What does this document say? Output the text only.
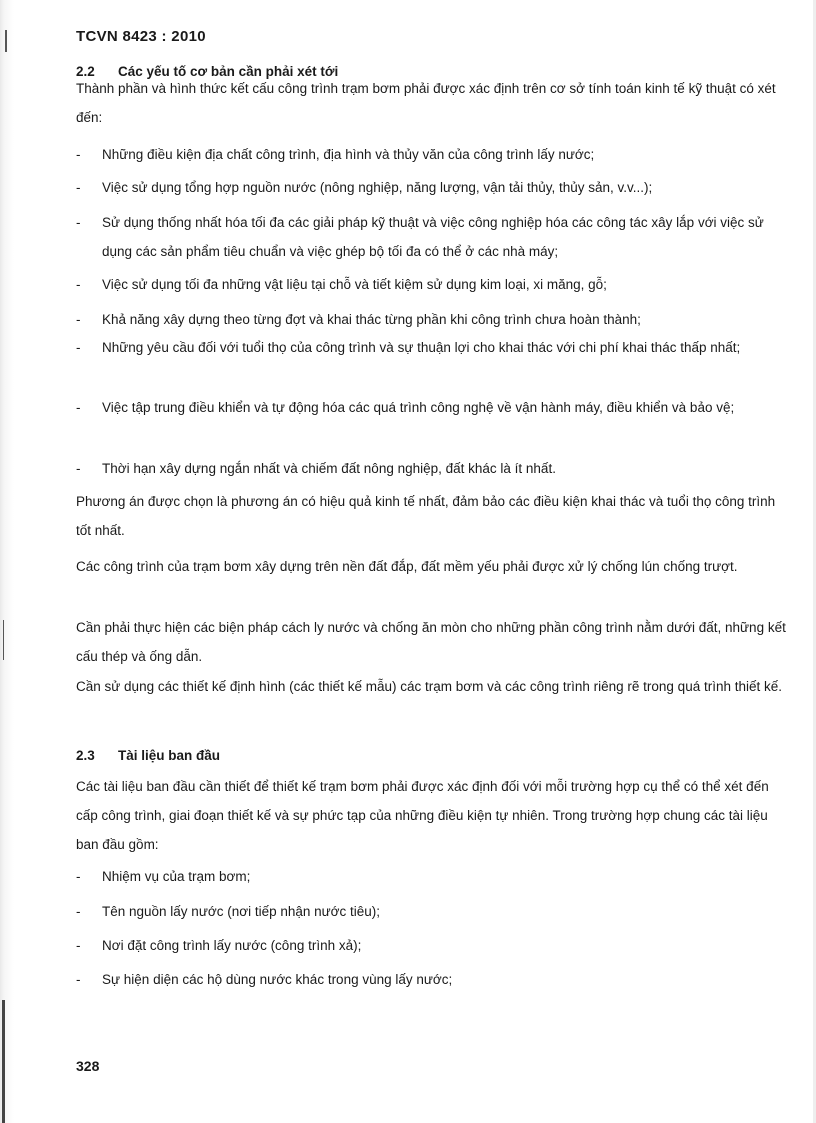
TCVN 8423 : 2010
2.2 Các yếu tố cơ bản cần phải xét tới

Thành phần và hình thức kết cấu công trình trạm bơm phải được xác định trên cơ sở tính toán kinh tế kỹ thuật có xét đến:

-	Những điều kiện địa chất công trình, địa hình và thủy văn của công trình lấy nước;
-	Việc sử dụng tổng hợp nguồn nước (nông nghiệp, năng lượng, vận tải thủy, thủy sản, v.v...);
-	Sử dụng thống nhất hóa tối đa các giải pháp kỹ thuật và việc công nghiệp hóa các công tác xây lắp với việc sử dụng các sản phẩm tiêu chuẩn và việc ghép bộ tối đa có thể ở các nhà máy;
-	Việc sử dụng tối đa những vật liệu tại chỗ và tiết kiệm sử dụng kim loại, xi măng, gỗ;
-	Khả năng xây dựng theo từng đợt và khai thác từng phần khi công trình chưa hoàn thành;
-	Những yêu cầu đối với tuổi thọ của công trình và sự thuận lợi cho khai thác với chi phí khai thác thấp nhất;
-	Việc tập trung điều khiển và tự động hóa các quá trình công nghệ về vận hành máy, điều khiển và bảo vệ;
-	Thời hạn xây dựng ngắn nhất và chiếm đất nông nghiệp, đất khác là ít nhất.

Phương án được chọn là phương án có hiệu quả kinh tế nhất, đảm bảo các điều kiện khai thác và tuổi thọ công trình tốt nhất.

Các công trình của trạm bơm xây dựng trên nền đất đắp, đất mềm yếu phải được xử lý chống lún chống trượt.

Cần phải thực hiện các biện pháp cách ly nước và chống ăn mòn cho những phần công trình nằm dưới đất, những kết cấu thép và ống dẫn.

Cần sử dụng các thiết kế định hình (các thiết kế mẫu) các trạm bơm và các công trình riêng rẽ trong quá trình thiết kế.

2.3 Tài liệu ban đầu

Các tài liệu ban đầu cần thiết để thiết kế trạm bơm phải được xác định đối với mỗi trường hợp cụ thể có thể xét đến cấp công trình, giai đoạn thiết kế và sự phức tạp của những điều kiện tự nhiên. Trong trường hợp chung các tài liệu ban đầu gồm:

-	Nhiệm vụ của trạm bơm;
-	Tên nguồn lấy nước (nơi tiếp nhận nước tiêu);
-	Nơi đặt công trình lấy nước (công trình xả);
-	Sự hiện diện các hộ dùng nước khác trong vùng lấy nước;
328
